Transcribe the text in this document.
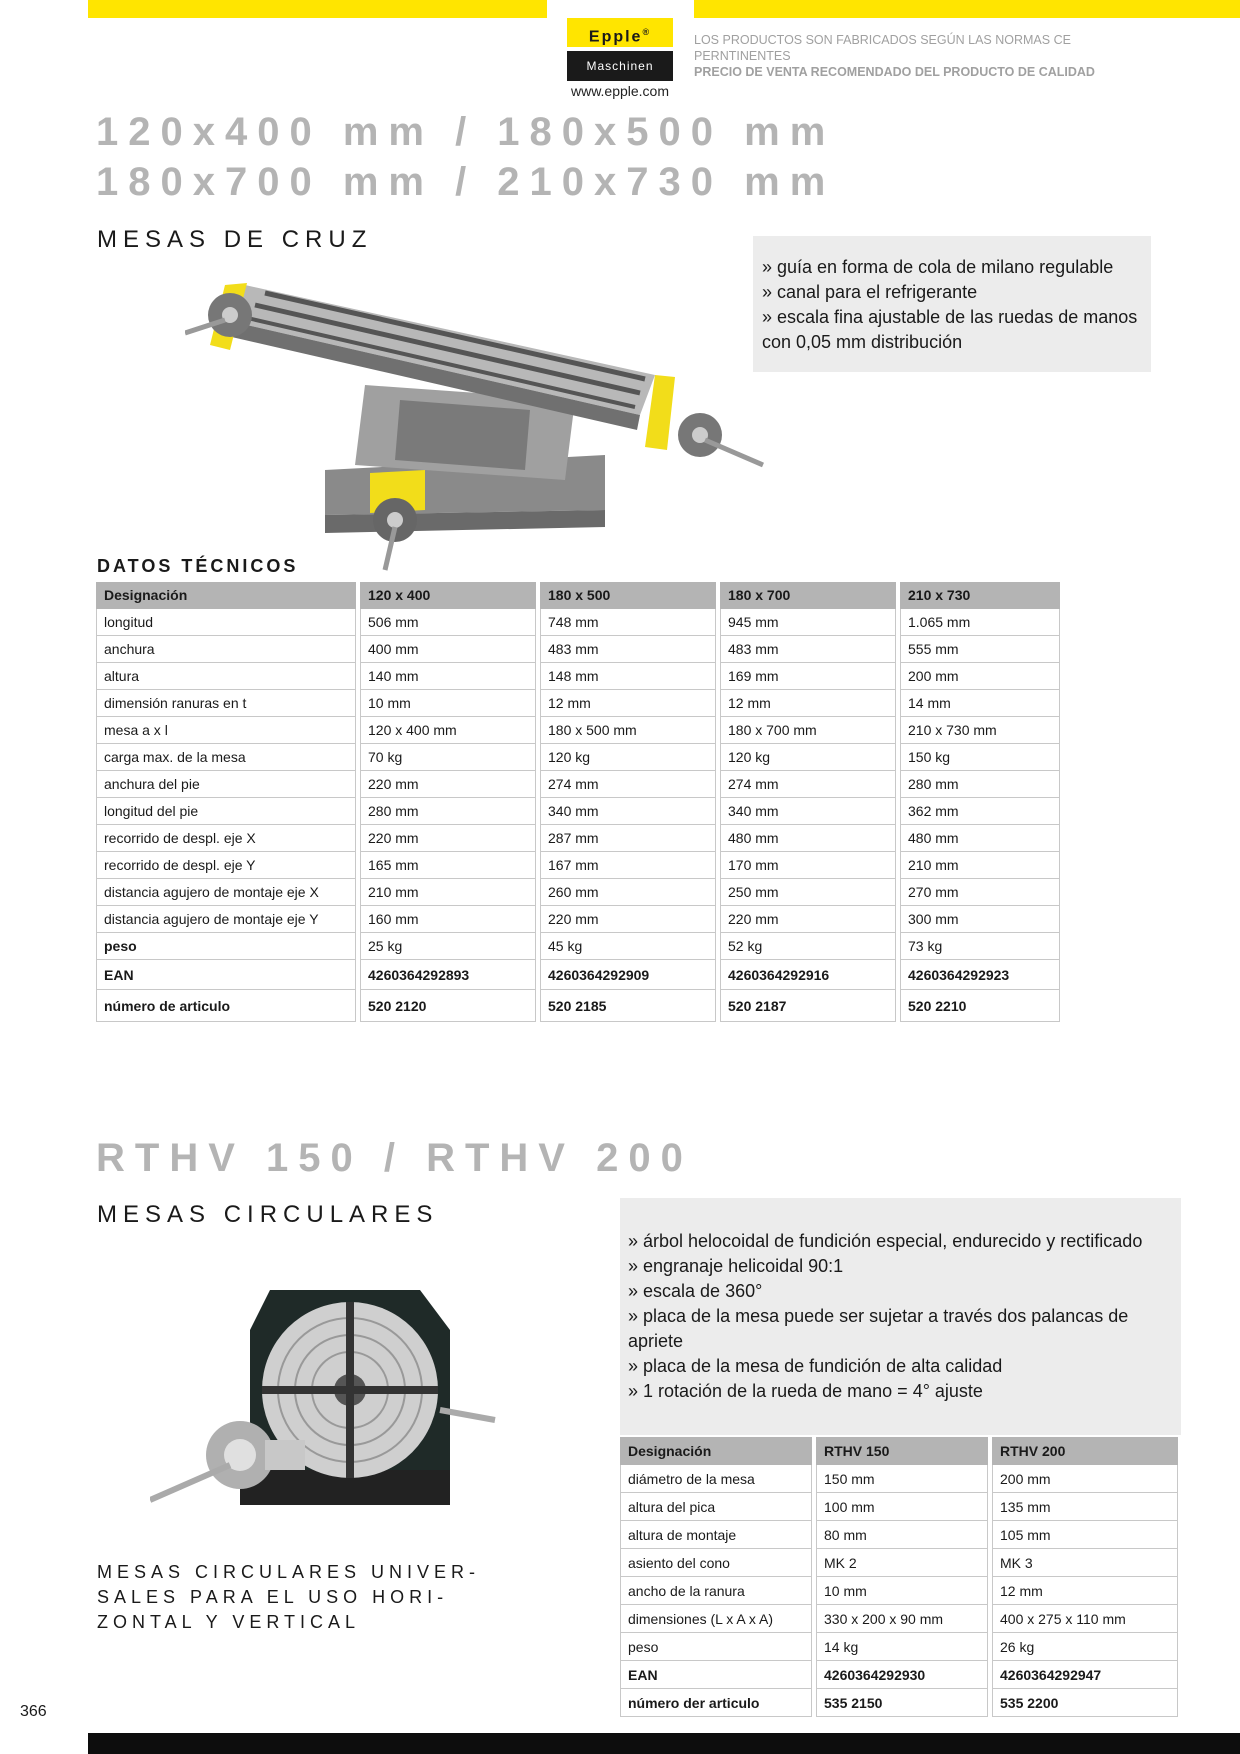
366
Epple®
Maschinen
www.epple.com
LOS PRODUCTOS SON FABRICADOS SEGÚN LAS NORMAS CE PERNTINENTES
PRECIO DE VENTA RECOMENDADO DEL PRODUCTO DE CALIDAD
120x400 mm / 180x500 mm
180x700 mm / 210x730 mm
MESAS DE CRUZ
» guía en forma de cola de milano regulable
» canal para el refrigerante
» escala fina ajustable de las ruedas de manos con 0,05 mm distribución
DATOS TÉCNICOS
Designación
longitud
anchura
altura
dimensión ranuras en t
mesa a x l
carga max. de la mesa
anchura del pie
longitud del pie
recorrido de despl. eje X
recorrido de despl. eje Y
distancia agujero de montaje eje X
distancia agujero de montaje eje Y
peso
EAN
número de articulo
120 x 400
506 mm
400 mm
140 mm
10 mm
120 x 400 mm
70 kg
220 mm
280 mm
220 mm
165 mm
210 mm
160 mm
25 kg
4260364292893
520 2120
180 x 500
748 mm
483 mm
148 mm
12 mm
180 x 500 mm
120 kg
274 mm
340 mm
287 mm
167 mm
260 mm
220 mm
45 kg
4260364292909
520 2185
180 x 700
945 mm
483 mm
169 mm
12 mm
180 x 700 mm
120 kg
274 mm
340 mm
480 mm
170 mm
250 mm
220 mm
52 kg
4260364292916
520 2187
210 x 730
1.065 mm
555 mm
200 mm
14 mm
210 x 730 mm
150 kg
280 mm
362 mm
480 mm
210 mm
270 mm
300 mm
73 kg
4260364292923
520 2210
RTHV 150 / RTHV 200
MESAS CIRCULARES
» árbol helocoidal de fundición especial, endurecido y rectificado
» engranaje helicoidal 90:1
» escala de 360°
» placa de la mesa puede ser sujetar a través dos palancas de apriete
» placa de la mesa de fundición de alta calidad
» 1 rotación de la rueda de mano = 4° ajuste
MESAS CIRCULARES UNIVER-SALES PARA EL USO HORI-ZONTAL Y VERTICAL
Designación
diámetro de la mesa
altura del pica
altura de montaje
asiento del cono
ancho de la ranura
dimensiones (L x A x A)
peso
EAN
número der articulo
RTHV 150
150 mm
100 mm
80 mm
MK 2
10 mm
330 x 200 x 90 mm
14 kg
4260364292930
535 2150
RTHV 200
200 mm
135 mm
105 mm
MK 3
12 mm
400 x 275 x 110 mm
26 kg
4260364292947
535 2200
